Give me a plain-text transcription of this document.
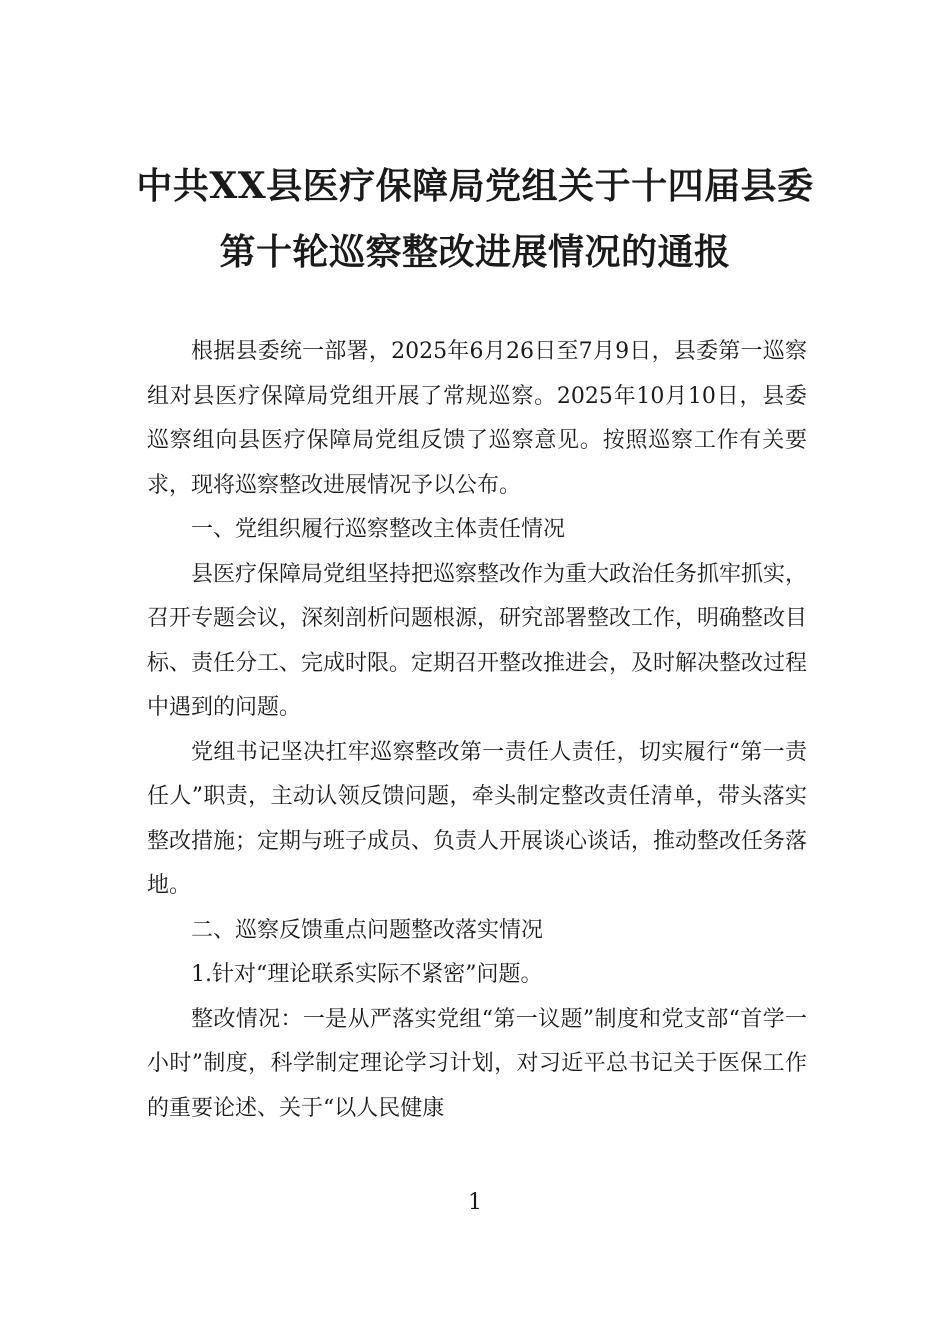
中共XX县医疗保障局党组关于十四届县委
第十轮巡察整改进展情况的通报

根据县委统一部署，2025年6月26日至7月9日，县委第一巡察组对县医疗保障局党组开展了常规巡察。2025年10月10日，县委巡察组向县医疗保障局党组反馈了巡察意见。按照巡察工作有关要求，现将巡察整改进展情况予以公布。

一、党组织履行巡察整改主体责任情况

县医疗保障局党组坚持把巡察整改作为重大政治任务抓牢抓实，召开专题会议，深刻剖析问题根源，研究部署整改工作，明确整改目标、责任分工、完成时限。定期召开整改推进会，及时解决整改过程中遇到的问题。

党组书记坚决扛牢巡察整改第一责任人责任，切实履行“第一责任人”职责，主动认领反馈问题，牵头制定整改责任清单，带头落实整改措施；定期与班子成员、负责人开展谈心谈话，推动整改任务落地。

二、巡察反馈重点问题整改落实情况

1.针对“理论联系实际不紧密”问题。

整改情况：一是从严落实党组“第一议题”制度和党支部“首学一小时”制度，科学制定理论学习计划，对习近平总书记关于医保工作的重要论述、关于“以人民健康

1
